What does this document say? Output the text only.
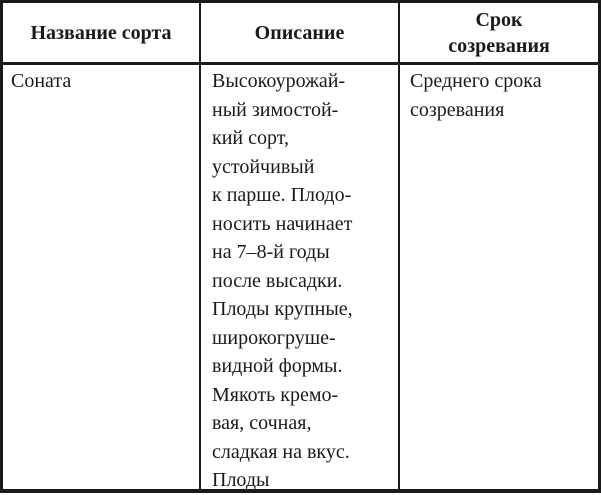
Название сорта	Описание
Срок
созревания
Соната	Высокоурожай-
ный зимостой-
кий сорт,
устойчивый
к парше. Плодо-
носить начинает
на 7–8-й годы
после высадки.
Плоды крупные,
широкогруше-
видной формы.
Мякоть кремо-
вая, сочная,
сладкая на вкус.
Плоды
Среднего срока
созревания
